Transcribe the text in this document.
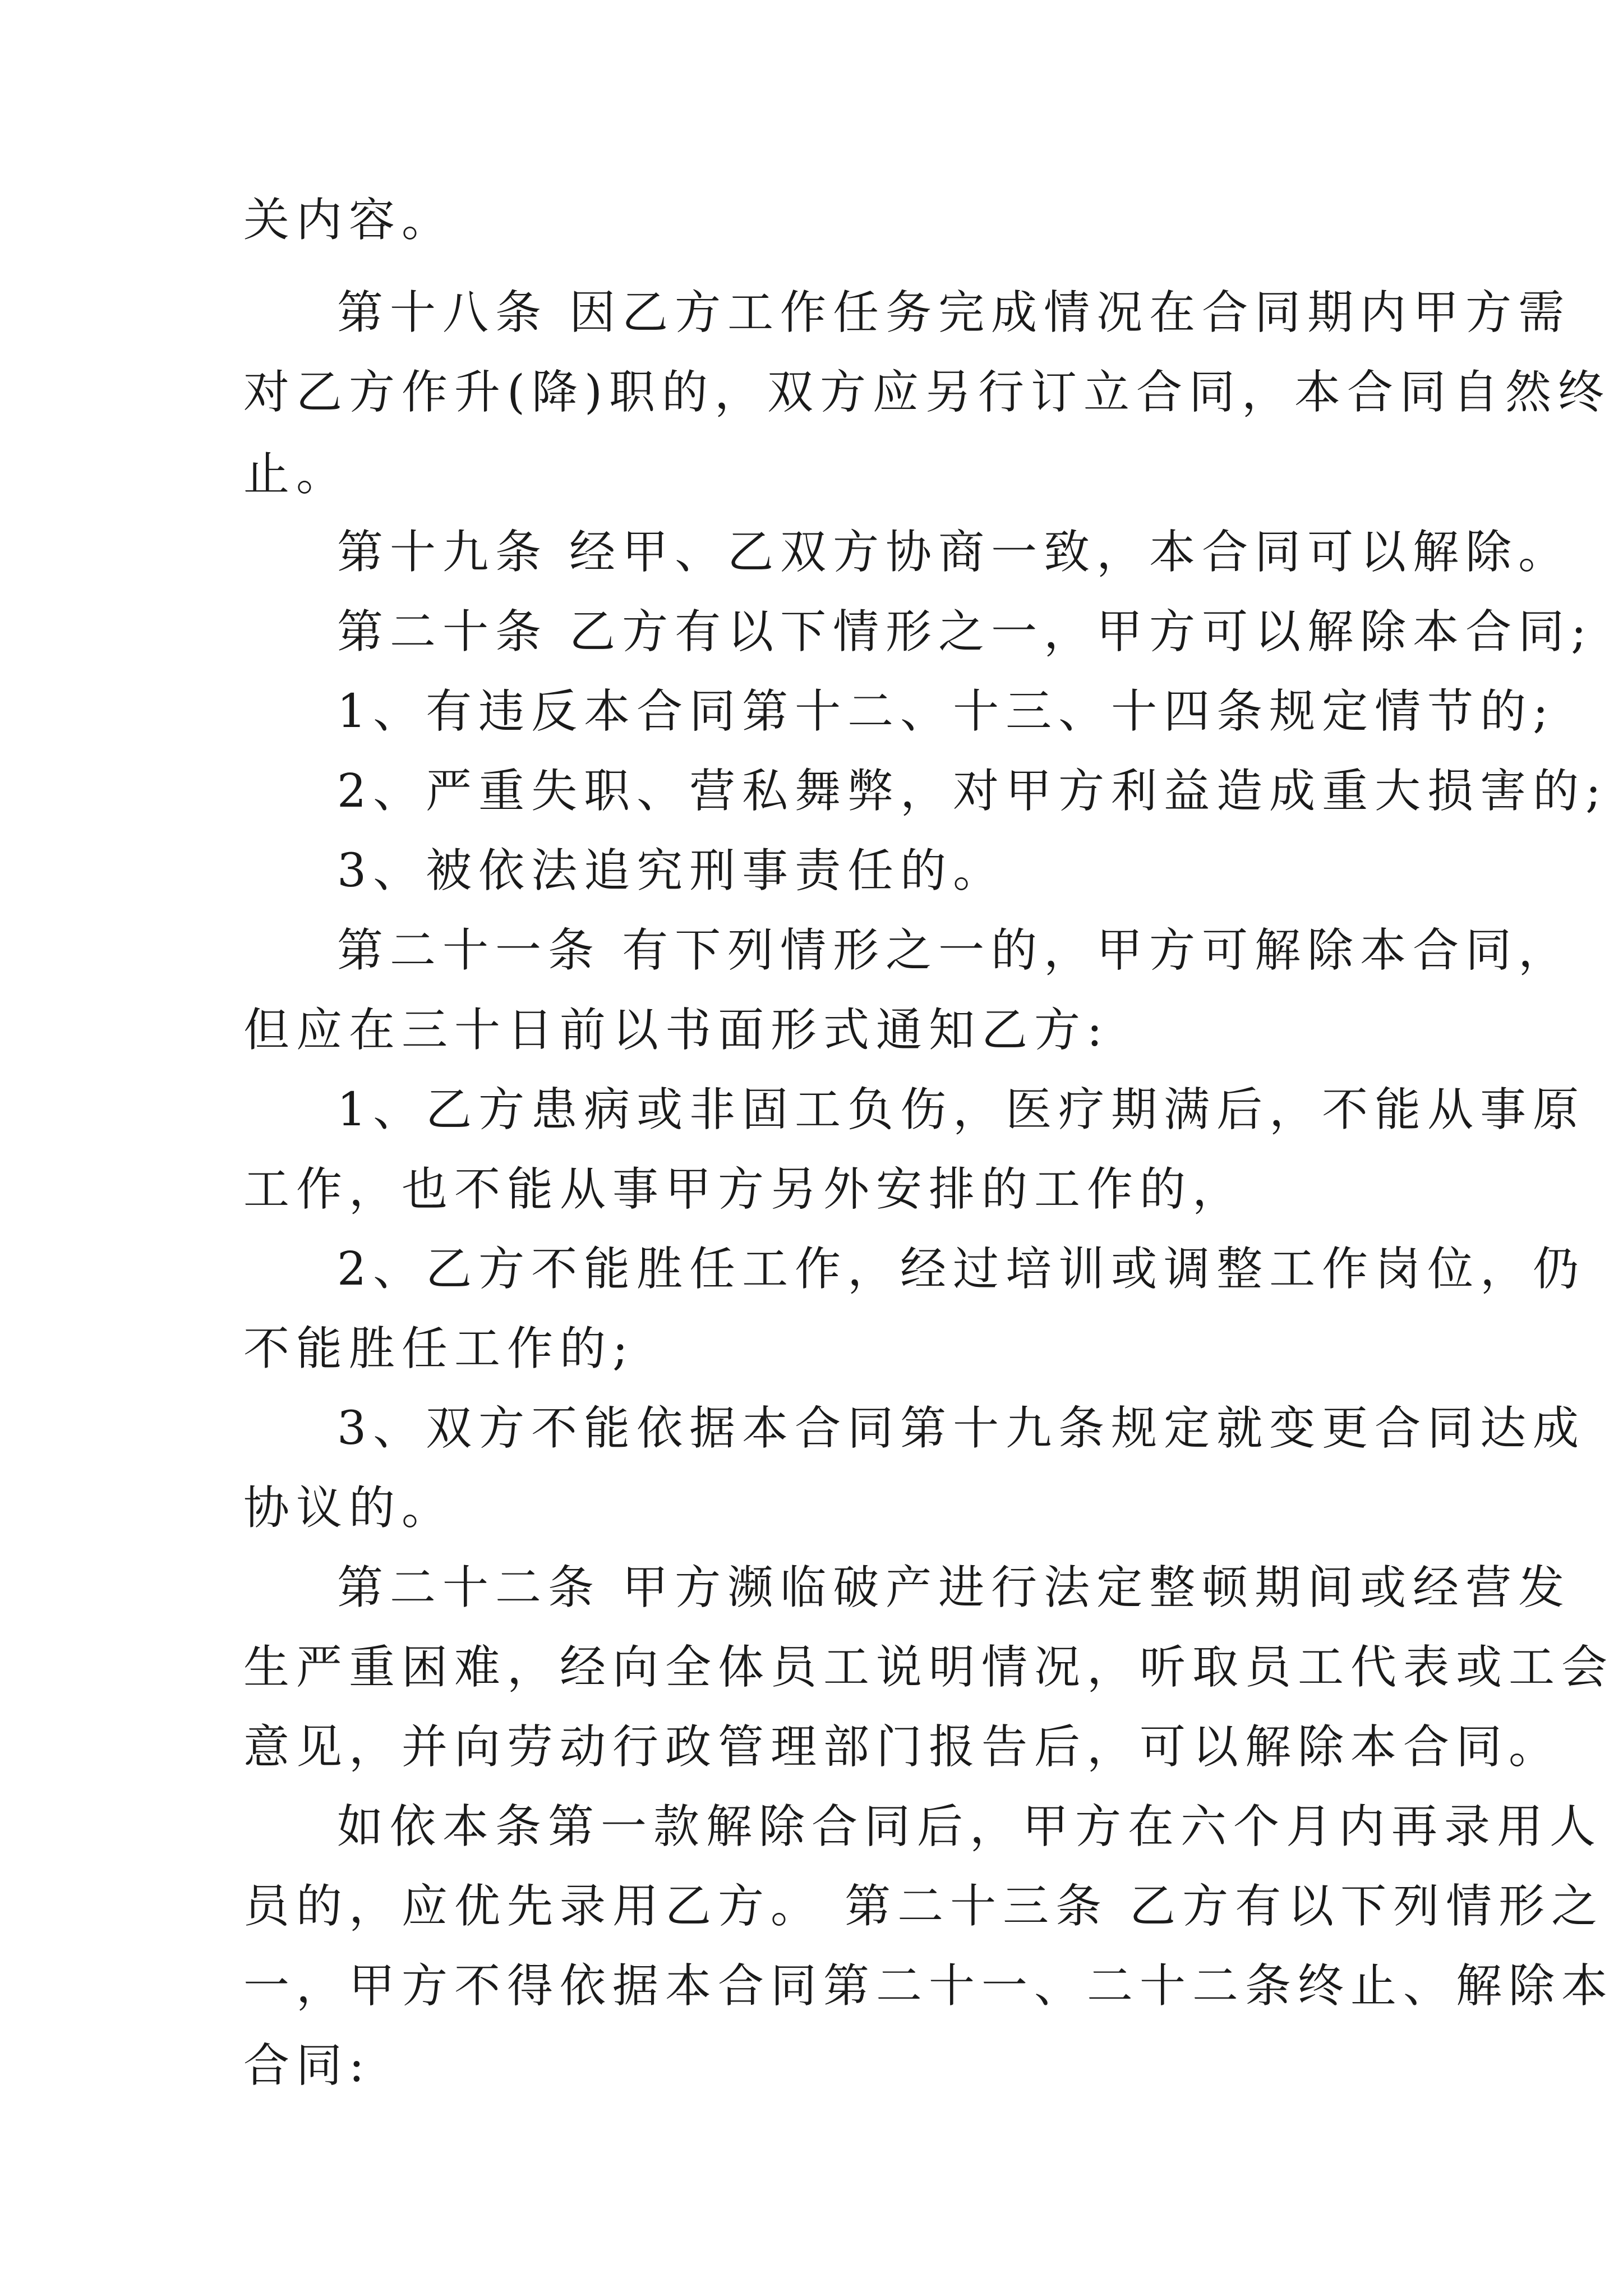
关内容。

第十八条 因乙方工作任务完成情况在合同期内甲方需

对乙方作升(降)职的，双方应另行订立合同，本合同自然终

止。

第十九条 经甲、乙双方协商一致，本合同可以解除。

第二十条 乙方有以下情形之一，甲方可以解除本合同;

1、有违反本合同第十二、十三、十四条规定情节的;

2、严重失职、营私舞弊，对甲方利益造成重大损害的;

3、被依法追究刑事责任的。

第二十一条 有下列情形之一的，甲方可解除本合同，

但应在三十日前以书面形式通知乙方:

1、乙方患病或非固工负伤，医疗期满后，不能从事原

工作，也不能从事甲方另外安排的工作的，

2、乙方不能胜任工作，经过培训或调整工作岗位，仍

不能胜任工作的;

3、双方不能依据本合同第十九条规定就变更合同达成

协议的。

第二十二条 甲方濒临破产进行法定整顿期间或经营发

生严重困难，经向全体员工说明情况，听取员工代表或工会

意见，并向劳动行政管理部门报告后，可以解除本合同。

如依本条第一款解除合同后，甲方在六个月内再录用人

员的，应优先录用乙方。 第二十三条 乙方有以下列情形之

一，甲方不得依据本合同第二十一、二十二条终止、解除本

合同:
